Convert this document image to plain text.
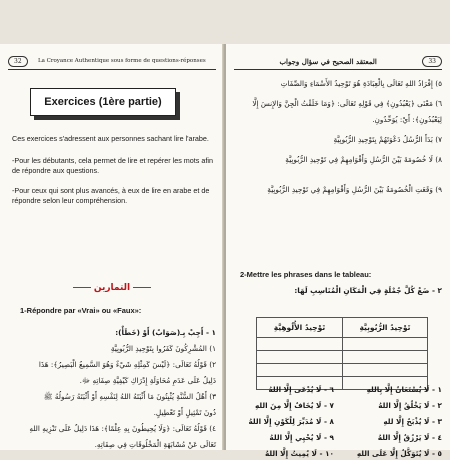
32	La Croyance Authentique sous forme de questions-réponses
Exercices (1ère partie)
Ces exercices s'adressent aux personnes sachant lire l'arabe.
-Pour les débutants, cela permet de lire et repérer les mots afin de répondre aux questions.
-Pour ceux qui sont plus avancés, à eux de lire en arabe et de répondre selon leur compréhension.
التمارين
1-Répondre par «Vrai» ou «Faux»:
١ - أَجِبْ بِـ(صَوَابٌ) أَوْ (خَطَأٌ):
١) المُشْرِكُونَ كَفَرُوا بِتَوْحِيدِ الرُّبُوبِيَّةِ
٢) قَوْلُهُ تَعَالَى: ﴿لَيْسَ كَمِثْلِهِ شَيْءٌ وَهُوَ السَّمِيعُ الْبَصِيرُ﴾: هَذَا
دَلِيلٌ عَلَى عَدَمِ مُحَاوَلَةِ إِدْرَاكِ كَيْفِيَّةِ صِفَاتِهِ ﷻ.
٣) أَهْلُ السُّنَّةِ يُثْبِتُونَ مَا أَثْبَتَهُ اللهُ لِنَفْسِهِ أَوْ أَثْبَتَهُ رَسُولُهُ ﷺ
دُونَ تَمْثِيلٍ أَوْ تَعْطِيلٍ.
٤) قَوْلُهُ تَعَالَى: ﴿وَلَا يُحِيطُونَ بِهِ عِلْمًا﴾: هَذَا دَلِيلٌ عَلَى تَنْزِيهِ اللهِ
تَعَالَى عَنْ مُشَابَهَةِ الْمَخْلُوقَاتِ فِي صِفَاتِهِ.
المعتقد الصحيح في سؤال وجواب	33
٥) إِفْرَادُ اللهِ تَعَالَى بِالْعِبَادَةِ هُوَ تَوْحِيدُ الأَسْمَاءِ وَالصِّفَاتِ
٦) مَعْنَى ﴿يَعْبُدُونِ﴾ فِي قَوْلِهِ تَعَالَى: ﴿وَمَا خَلَقْتُ الْجِنَّ وَالإِنسَ إِلَّا
لِيَعْبُدُونِ﴾: أَيْ: يُوَحِّدُونِ.
٧) بَدَأَ الرُّسُلُ دَعْوَتَهُمْ بِتَوْحِيدِ الرُّبُوبِيَّةِ
٨) لَا خُصُومَةَ بَيْنَ الرُّسُلِ وَأَقْوَامِهِمْ فِي تَوْحِيدِ الرُّبُوبِيَّةِ
٩) وَقَعَتِ الْخُصُومَةُ بَيْنَ الرُّسُلِ وَأَقْوَامِهِمْ فِي تَوْحِيدِ الرُّبُوبِيَّةِ
2-Mettre les phrases dans le tableau:
٢ - ضَعْ كُلَّ جُمْلَةٍ فِي الْمَكَانِ الْمُنَاسِبِ لَهَا:
تَوْحِيدُ الأُلُوهِيَّةِ	تَوْحِيدُ الرُّبُوبِيَّةِ

١ - لَا يُسْتَعَانُ إِلَّا بِاللهِ
٢ - لَا يَخْلُقُ إِلَّا اللهُ
٣ - لَا يُذْبَحُ إِلَّا للهِ
٤ - لَا يَرْزُقُ إِلَّا اللهُ
٥ - لَا يُتَوَكَّلُ إِلَّا عَلَى اللهِ
٦ - لَا يُدْعَى إِلَّا اللهُ
٧ - لَا يُخَافُ إِلَّا مِنَ اللهِ
٨ - لَا مُدَبِّرَ لِلْكَوْنِ إِلَّا اللهُ
٩ - لَا يُحْيِي إِلَّا اللهُ
١٠ - لَا يُمِيتُ إِلَّا اللهُ
